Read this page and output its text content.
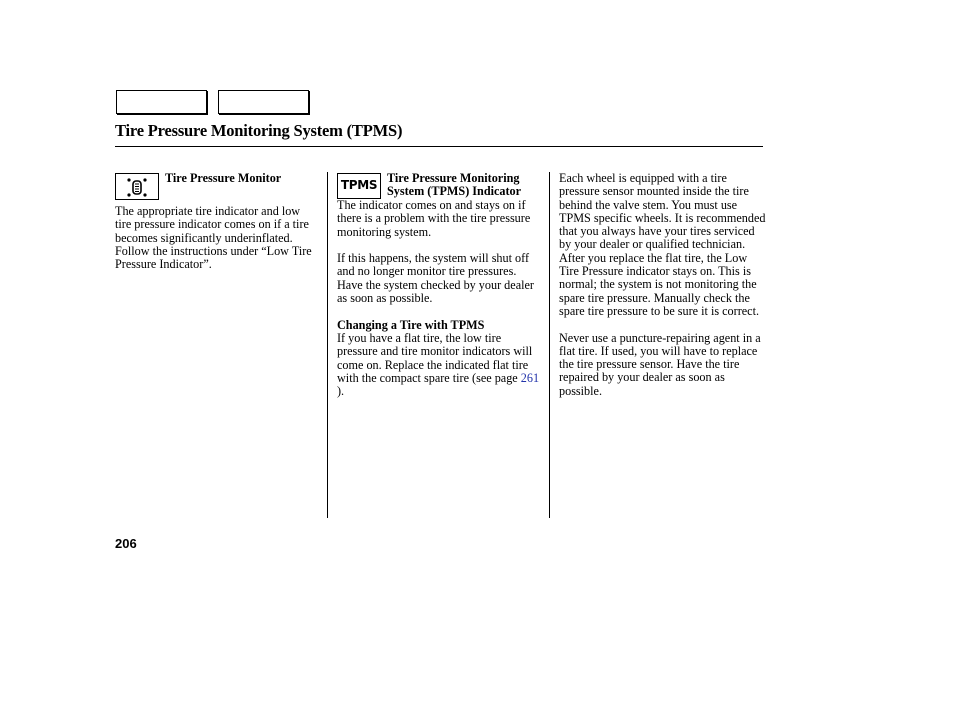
Tire Pressure Monitoring System (TPMS)

Tire Pressure Monitor

The appropriate tire indicator and low tire pressure indicator comes on if a tire becomes significantly underinflated. Follow the instructions under “Low Tire Pressure Indicator”.

TPMS

Tire Pressure Monitoring System (TPMS) Indicator

The indicator comes on and stays on if there is a problem with the tire pressure monitoring system.

If this happens, the system will shut off and no longer monitor tire pressures. Have the system checked by your dealer as soon as possible.

Changing a Tire with TPMS

If you have a flat tire, the low tire pressure and tire monitor indicators will come on. Replace the indicated flat tire with the compact spare tire (see page 261 ).

Each wheel is equipped with a tire pressure sensor mounted inside the tire behind the valve stem. You must use TPMS specific wheels. It is recommended that you always have your tires serviced by your dealer or qualified technician.

After you replace the flat tire, the Low Tire Pressure indicator stays on. This is normal; the system is not monitoring the spare tire pressure. Manually check the spare tire pressure to be sure it is correct.

Never use a puncture-repairing agent in a flat tire. If used, you will have to replace the tire pressure sensor. Have the tire repaired by your dealer as soon as possible.

206
